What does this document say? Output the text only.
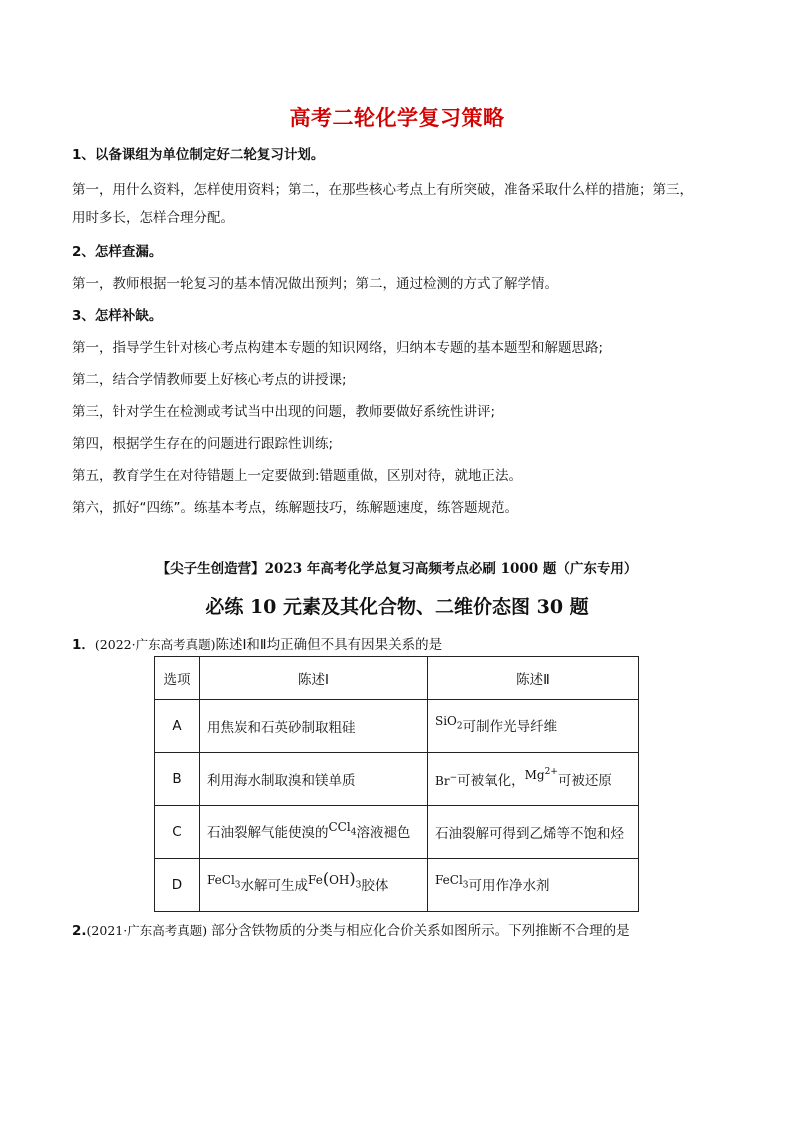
高考二轮化学复习策略
1、以备课组为单位制定好二轮复习计划。
第一，用什么资料，怎样使用资料；第二，在那些核心考点上有所突破，准备采取什么样的措施；第三，
用时多长，怎样合理分配。
2、怎样查漏。
第一，教师根据一轮复习的基本情况做出预判；第二，通过检测的方式了解学情。
3、怎样补缺。
第一，指导学生针对核心考点构建本专题的知识网络，归纳本专题的基本题型和解题思路;
第二，结合学情教师要上好核心考点的讲授课;
第三，针对学生在检测或考试当中出现的问题，教师要做好系统性讲评;
第四，根据学生存在的问题进行跟踪性训练;
第五，教育学生在对待错题上一定要做到:错题重做，区别对待，就地正法。
第六，抓好“四练”。练基本考点，练解题技巧，练解题速度，练答题规范。
【尖子生创造营】2023 年高考化学总复习高频考点必刷 1000 题（广东专用）
必练 10 元素及其化合物、二维价态图 30 题
1．(2022·广东高考真题)陈述Ⅰ和Ⅱ均正确但不具有因果关系的是
选项	陈述Ⅰ	陈述Ⅱ
A	用焦炭和石英砂制取粗硅	SiO$_2$可制作光导纤维
B	利用海水制取溴和镁单质	Br−可被氧化，$Mg^{2+}$可被还原
C	石油裂解气能使溴的CCl$_4$溶液褪色	石油裂解可得到乙烯等不饱和烃
D	FeCl$_3$水解可生成$Fe(OH)_3$胶体	FeCl$_3$可用作净水剂
2.(2021·广东高考真题) 部分含铁物质的分类与相应化合价关系如图所示。下列推断不合理的是
